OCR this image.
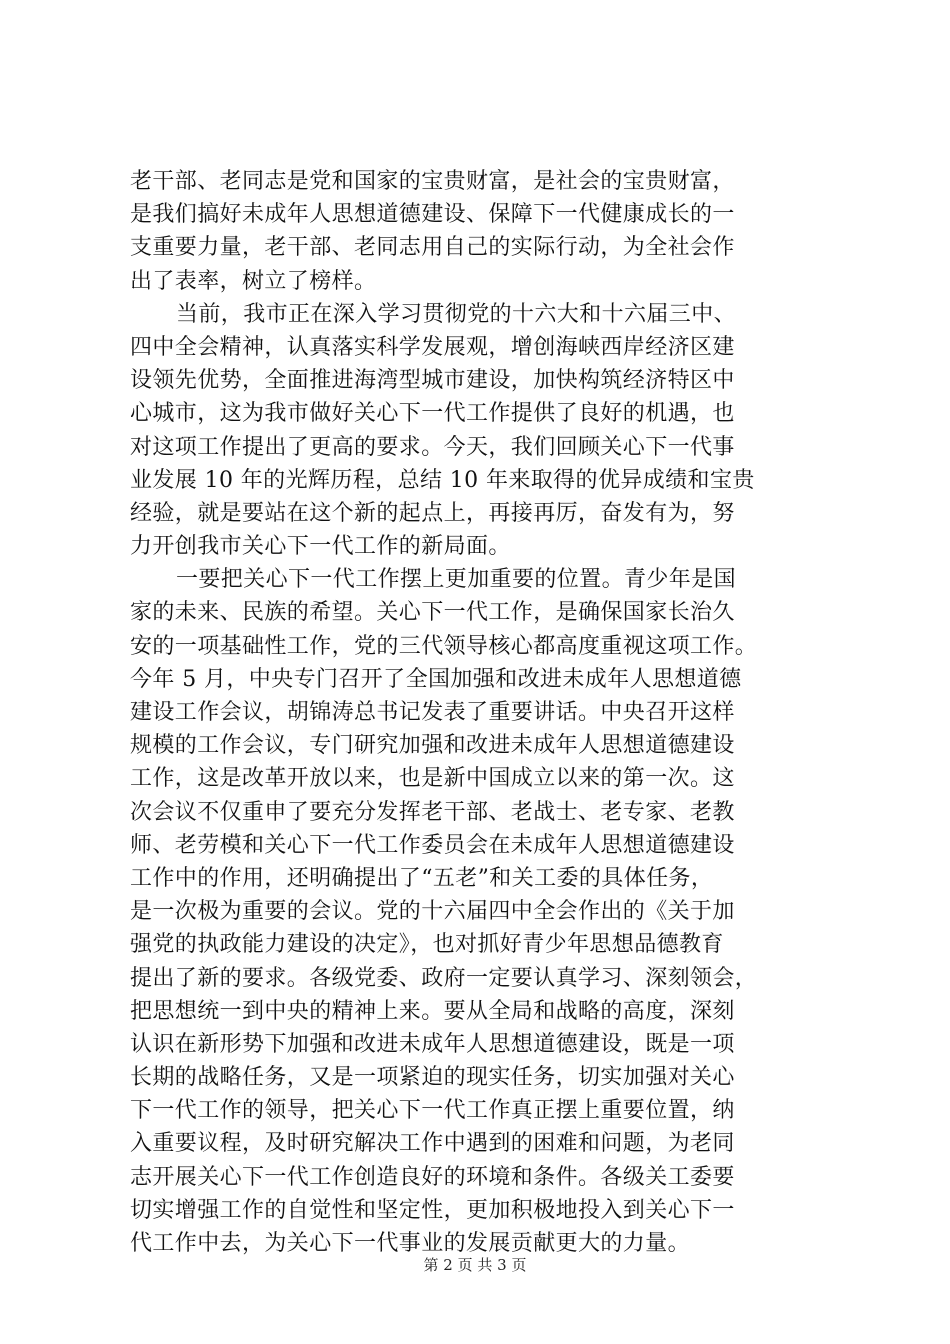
老干部、老同志是党和国家的宝贵财富，是社会的宝贵财富，
是我们搞好未成年人思想道德建设、保障下一代健康成长的一
支重要力量，老干部、老同志用自己的实际行动，为全社会作
出了表率，树立了榜样。
当前，我市正在深入学习贯彻党的十六大和十六届三中、
四中全会精神，认真落实科学发展观，增创海峡西岸经济区建
设领先优势，全面推进海湾型城市建设，加快构筑经济特区中
心城市，这为我市做好关心下一代工作提供了良好的机遇，也
对这项工作提出了更高的要求。今天，我们回顾关心下一代事
业发展 10 年的光辉历程，总结 10 年来取得的优异成绩和宝贵
经验，就是要站在这个新的起点上，再接再厉，奋发有为，努
力开创我市关心下一代工作的新局面。
一要把关心下一代工作摆上更加重要的位置。青少年是国
家的未来、民族的希望。关心下一代工作，是确保国家长治久
安的一项基础性工作，党的三代领导核心都高度重视这项工作。
今年 5 月，中央专门召开了全国加强和改进未成年人思想道德
建设工作会议，胡锦涛总书记发表了重要讲话。中央召开这样
规模的工作会议，专门研究加强和改进未成年人思想道德建设
工作，这是改革开放以来，也是新中国成立以来的第一次。这
次会议不仅重申了要充分发挥老干部、老战士、老专家、老教
师、老劳模和关心下一代工作委员会在未成年人思想道德建设
工作中的作用，还明确提出了“五老”和关工委的具体任务，
是一次极为重要的会议。党的十六届四中全会作出的《关于加
强党的执政能力建设的决定》，也对抓好青少年思想品德教育
提出了新的要求。各级党委、政府一定要认真学习、深刻领会，
把思想统一到中央的精神上来。要从全局和战略的高度，深刻
认识在新形势下加强和改进未成年人思想道德建设，既是一项
长期的战略任务，又是一项紧迫的现实任务，切实加强对关心
下一代工作的领导，把关心下一代工作真正摆上重要位置，纳
入重要议程，及时研究解决工作中遇到的困难和问题，为老同
志开展关心下一代工作创造良好的环境和条件。各级关工委要
切实增强工作的自觉性和坚定性，更加积极地投入到关心下一
代工作中去，为关心下一代事业的发展贡献更大的力量。
第 2 页 共 3 页
